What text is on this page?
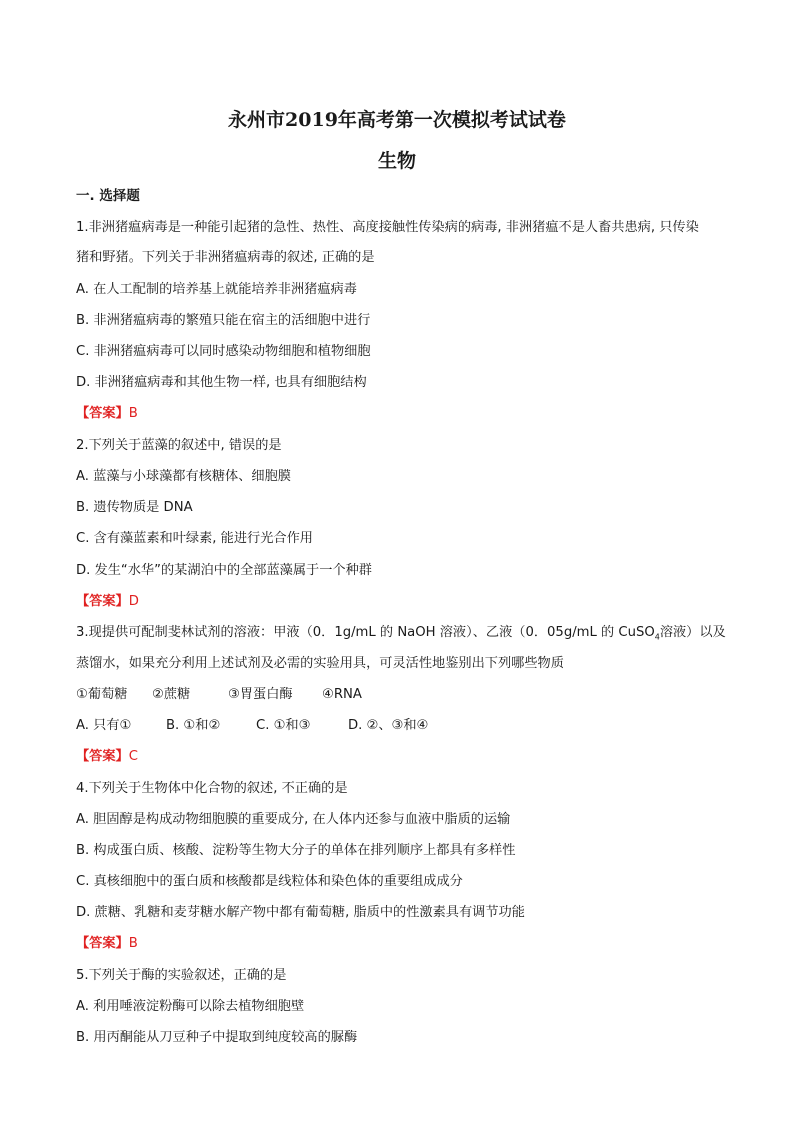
永州市2019年高考第一次模拟考试试卷
生物
一. 选择题
1.非洲猪瘟病毒是一种能引起猪的急性、热性、高度接触性传染病的病毒, 非洲猪瘟不是人畜共患病, 只传染
猪和野猪。下列关于非洲猪瘟病毒的叙述, 正确的是
A. 在人工配制的培养基上就能培养非洲猪瘟病毒
B. 非洲猪瘟病毒的繁殖只能在宿主的活细胞中进行
C. 非洲猪瘟病毒可以同时感染动物细胞和植物细胞
D. 非洲猪瘟病毒和其他生物一样, 也具有细胞结构
【答案】B
2.下列关于蓝藻的叙述中, 错误的是
A. 蓝藻与小球藻都有核糖体、细胞膜
B. 遗传物质是 DNA
C. 含有藻蓝素和叶绿素, 能进行光合作用
D. 发生“水华”的某湖泊中的全部蓝藻属于一个种群
【答案】D
3.现提供可配制斐林试剂的溶液：甲液（0．1g/mL 的 NaOH 溶液）、乙液（0．05g/mL 的 CuSO$_4$溶液）以及
蒸馏水，如果充分利用上述试剂及必需的实验用具，可灵活性地鉴别出下列哪些物质
①葡萄糖 ②蔗糖	③胃蛋白酶 ④RNA
A. 只有①	B. ①和②	C. ①和③	D. ②、③和④
【答案】C
4.下列关于生物体中化合物的叙述, 不正确的是
A. 胆固醇是构成动物细胞膜的重要成分, 在人体内还参与血液中脂质的运输
B. 构成蛋白质、核酸、淀粉等生物大分子的单体在排列顺序上都具有多样性
C. 真核细胞中的蛋白质和核酸都是线粒体和染色体的重要组成成分
D. 蔗糖、乳糖和麦芽糖水解产物中都有葡萄糖, 脂质中的性激素具有调节功能
【答案】B
5.下列关于酶的实验叙述，正确的是
A. 利用唾液淀粉酶可以除去植物细胞壁
B. 用丙酮能从刀豆种子中提取到纯度较高的脲酶
